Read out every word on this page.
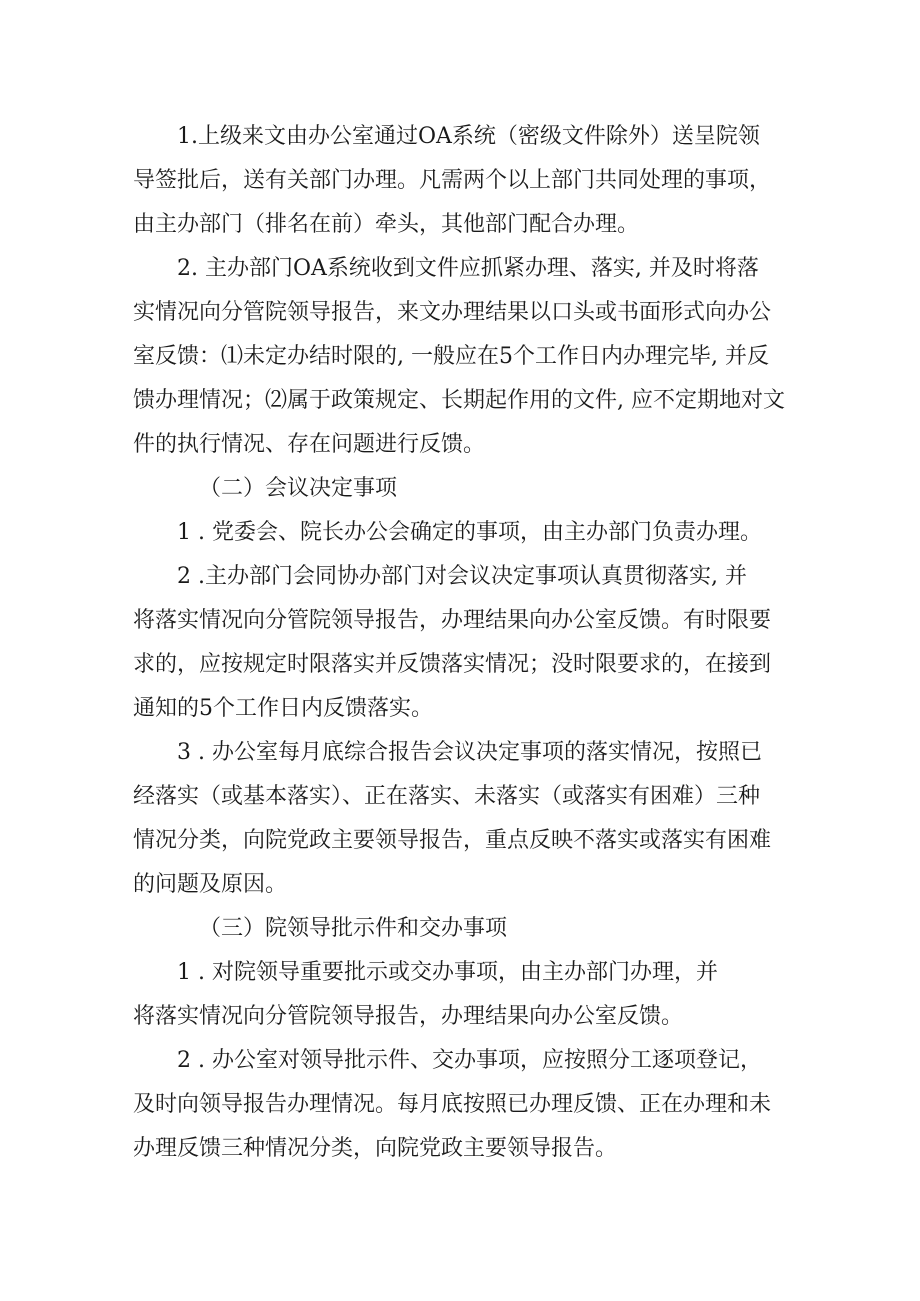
1.上级来文由办公室通过OA系统（密级文件除外）送呈院领
导签批后，送有关部门办理。凡需两个以上部门共同处理的事项，
由主办部门（排名在前）牵头，其他部门配合办理。
2. 主办部门OA系统收到文件应抓紧办理、落实, 并及时将落
实情况向分管院领导报告，来文办理结果以口头或书面形式向办公
室反馈：⑴未定办结时限的, 一般应在5个工作日内办理完毕, 并反
馈办理情况；⑵属于政策规定、长期起作用的文件, 应不定期地对文
件的执行情况、存在问题进行反馈。
（二）会议决定事项
1 . 党委会、院长办公会确定的事项，由主办部门负责办理。
2 .主办部门会同协办部门对会议决定事项认真贯彻落实, 并
将落实情况向分管院领导报告，办理结果向办公室反馈。有时限要
求的，应按规定时限落实并反馈落实情况；没时限要求的，在接到
通知的5个工作日内反馈落实。
3 . 办公室每月底综合报告会议决定事项的落实情况，按照已
经落实（或基本落实）、正在落实、未落实（或落实有困难）三种
情况分类，向院党政主要领导报告，重点反映不落实或落实有困难
的问题及原因。
（三）院领导批示件和交办事项
1 . 对院领导重要批示或交办事项，由主办部门办理，并
将落实情况向分管院领导报告，办理结果向办公室反馈。
2 . 办公室对领导批示件、交办事项，应按照分工逐项登记，
及时向领导报告办理情况。每月底按照已办理反馈、正在办理和未
办理反馈三种情况分类，向院党政主要领导报告。
